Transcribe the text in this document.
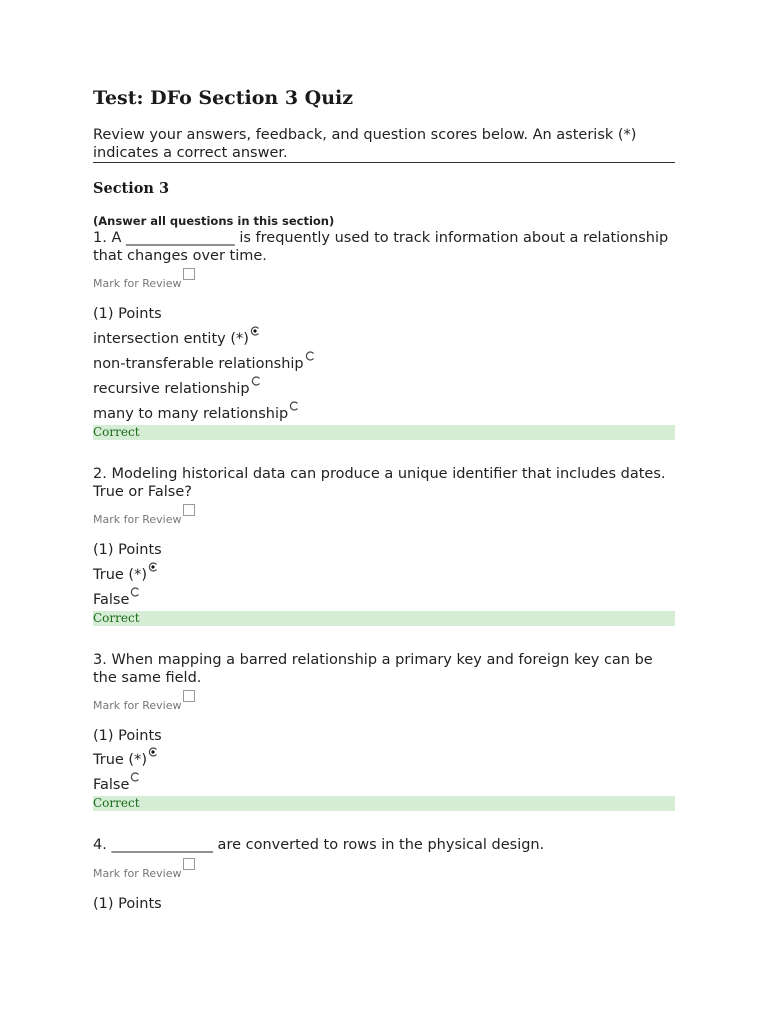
Test: DFo Section 3 Quiz
Review your answers, feedback, and question scores below. An asterisk (*) indicates a correct answer.
Section 3
(Answer all questions in this section)
1. A _______________ is frequently used to track information about a relationship that changes over time.
Mark for Review
(1) Points
intersection entity (*)
non-transferable relationship
recursive relationship
many to many relationship
Correct
2. Modeling historical data can produce a unique identifier that includes dates. True or False?
Mark for Review
(1) Points
True (*)
False
Correct
3. When mapping a barred relationship a primary key and foreign key can be the same field.
Mark for Review
(1) Points
True (*)
False
Correct
4. ______________ are converted to rows in the physical design.
Mark for Review
(1) Points
